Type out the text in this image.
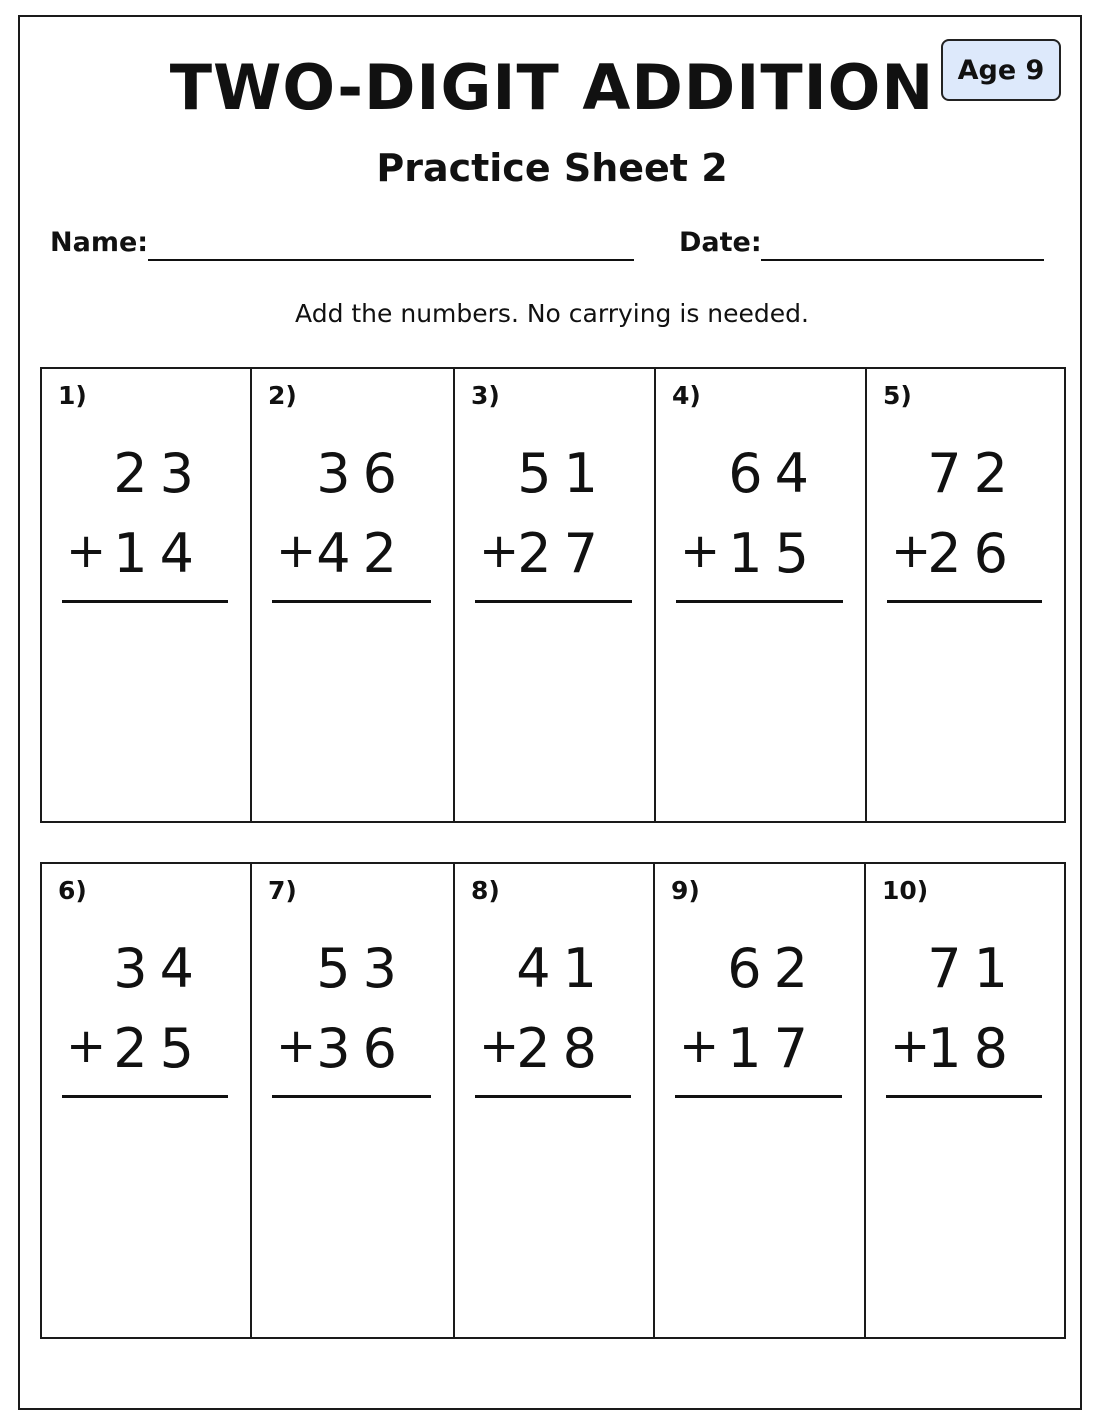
TWO-DIGIT ADDITION
Practice Sheet 2
Age 9
Name:	Date:
Add the numbers. No carrying is needed.
1)
23
+ 14
2)
36
+ 42
3)
51
+
27
4)
64
+ 15
5)
72
+
26
6)
34
+ 25
7)
53
+ 36
8)
41
+
28
9)
62
+ 17
10)
71
+
18
